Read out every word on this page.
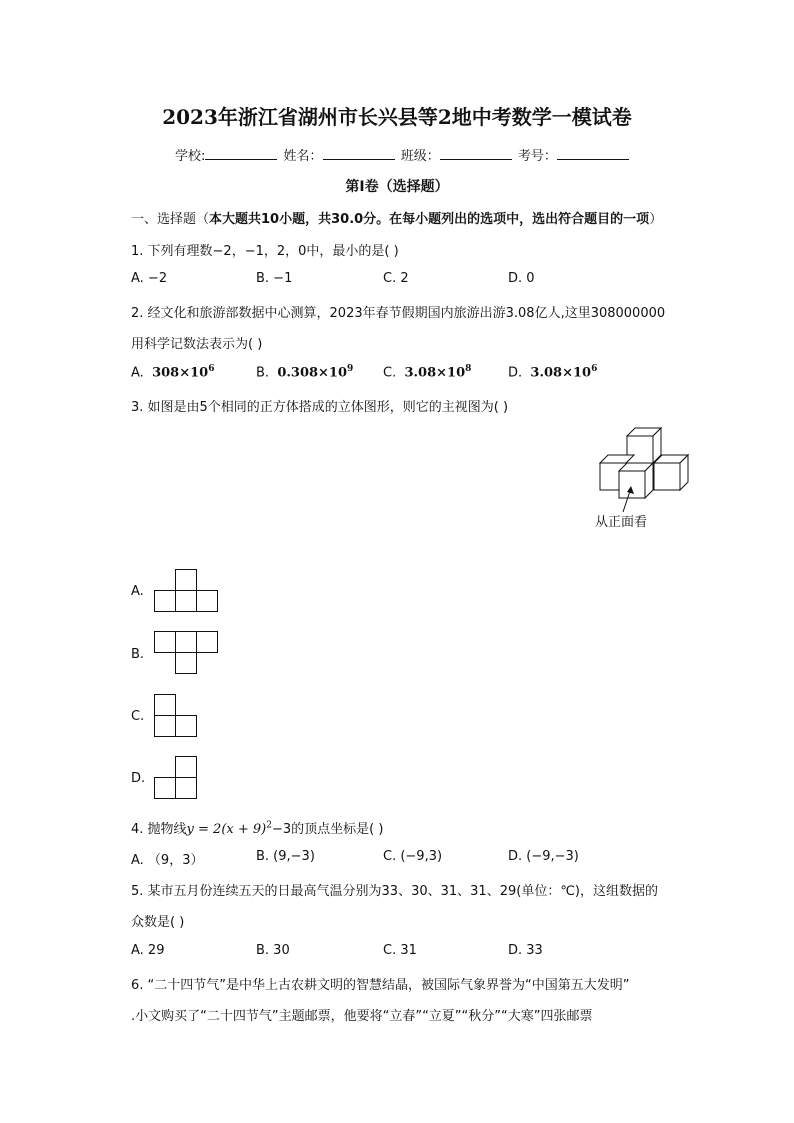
2023年浙江省湖州市长兴县等2地中考数学一模试卷
学校:	姓名：	班级：	考号：
第Ⅰ卷（选择题）
一、选择题（本大题共10小题，共30.0分。在每小题列出的选项中，选出符合题目的一项）
1. 下列有理数−2，−1，2，0中，最小的是( )
A. −2	B. −1	C. 2	D. 0
2. 经文化和旅游部数据中心测算，2023年春节假期国内旅游出游3.08亿人,这里308000000
用科学记数法表示为( )
A. $308\times 10^6$	B. $0.308\times 10^9$ C. $3.08\times 10^8$	D. $3.08\times 10^6$
3. 如图是由5个相同的正方体搭成的立体图形，则它的主视图为( )
从正面看
A.
B.
C.
D.
4. 抛物线$y = 2(x + 9)^2-3$的顶点坐标是( )
A. （9，3）	B. (9,−3)	C. (−9,3)	D. (−9,−3)
5. 某市五月份连续五天的日最高气温分别为33、30、31、31、29(单位：℃)，这组数据的
众数是( )
A. 29	B. 30	C. 31	D. 33
6. “二十四节气”是中华上古农耕文明的智慧结晶，被国际气象界誉为“中国第五大发明”
.小文购买了“二十四节气”主题邮票，他要将“立春”“立夏”“秋分”“大寒”四张邮票
